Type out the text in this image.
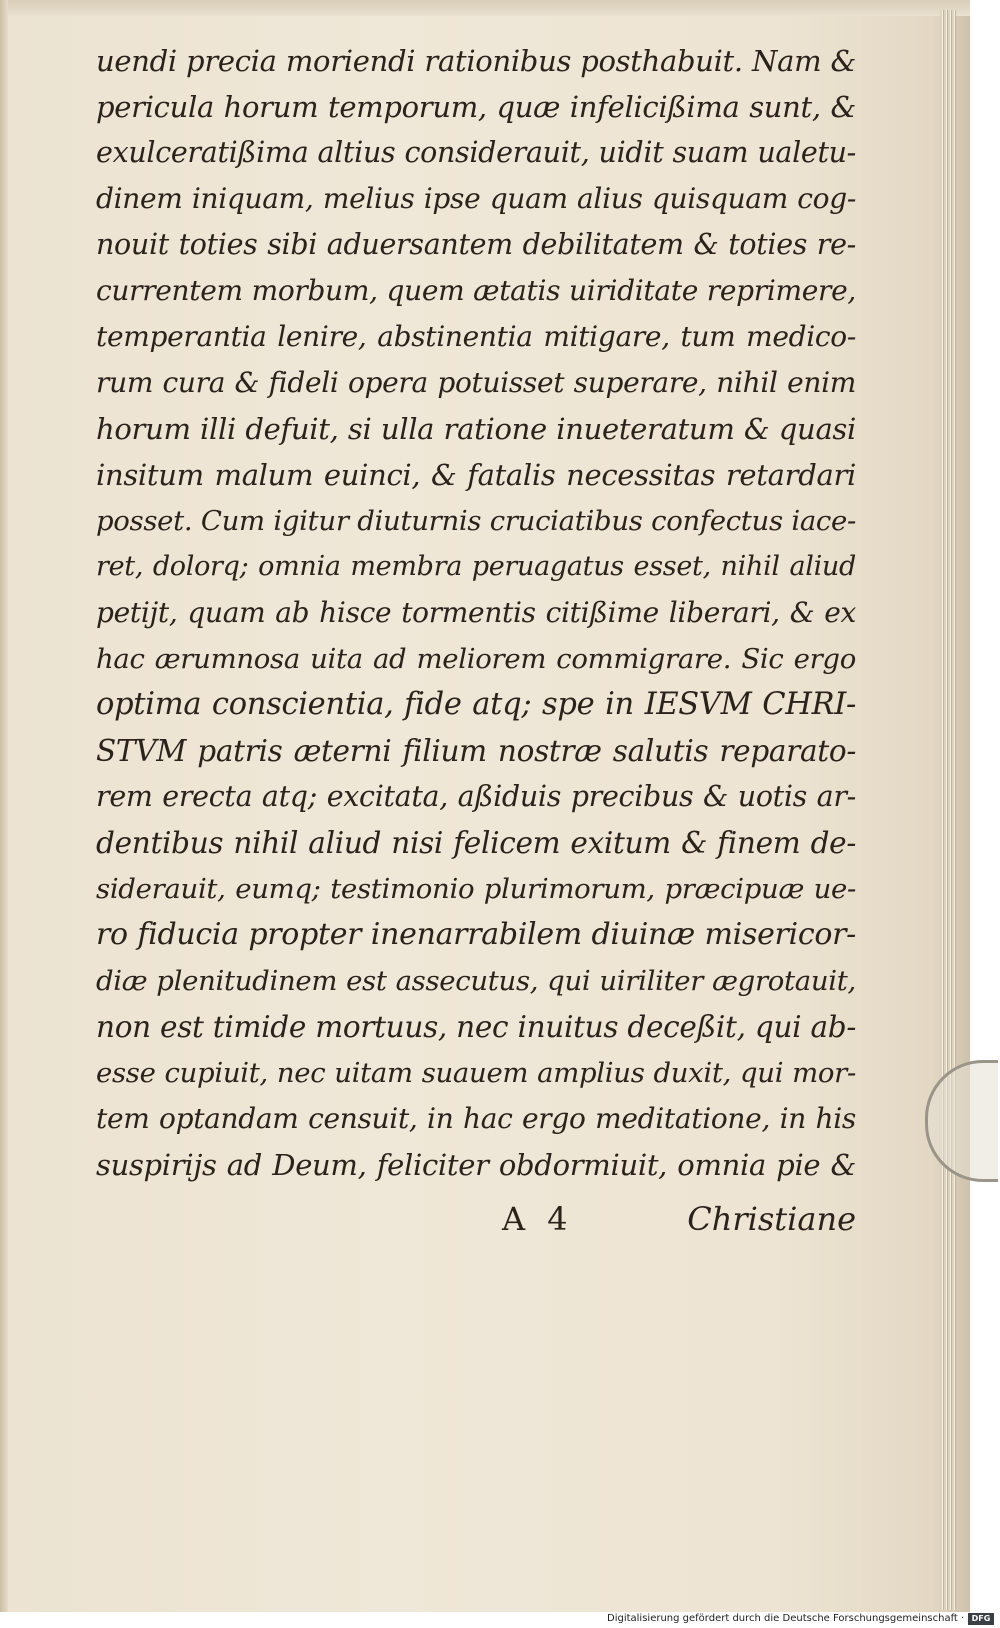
uendi precia moriendi rationibus posthabuit. Nam &
pericula horum temporum, quæ infelicißima sunt, &
exulceratißima altius considerauit, uidit suam ualetu-
dinem iniquam, melius ipse quam alius quisquam cog-
nouit toties sibi aduersantem debilitatem & toties re-
currentem morbum, quem ætatis uiriditate reprimere,
temperantia lenire, abstinentia mitigare, tum medico-
rum cura & fideli opera potuisset superare, nihil enim
horum illi defuit, si ulla ratione inueteratum & quasi
insitum malum euinci, & fatalis necessitas retardari
posset. Cum igitur diuturnis cruciatibus confectus iace-
ret, dolorq; omnia membra peruagatus esset, nihil aliud
petijt, quam ab hisce tormentis citißime liberari, & ex
hac ærumnosa uita ad meliorem commigrare. Sic ergo
optima conscientia, fide atq; spe in IESVM CHRI-
STVM patris æterni filium nostræ salutis reparato-
rem erecta atq; excitata, aßiduis precibus & uotis ar-
dentibus nihil aliud nisi felicem exitum & finem de-
siderauit, eumq; testimonio plurimorum, præcipuæ ue-
ro fiducia propter inenarrabilem diuinæ misericor-
diæ plenitudinem est assecutus, qui uiriliter ægrotauit,
non est timide mortuus, nec inuitus deceßit, qui ab-
esse cupiuit, nec uitam suauem amplius duxit, qui mor-
tem optandam censuit, in hac ergo meditatione, in his
suspirijs ad Deum, feliciter obdormiuit, omnia pie &
A 4	Christiane
Digitalisierung gefördert durch die Deutsche Forschungsgemeinschaft · DFG
